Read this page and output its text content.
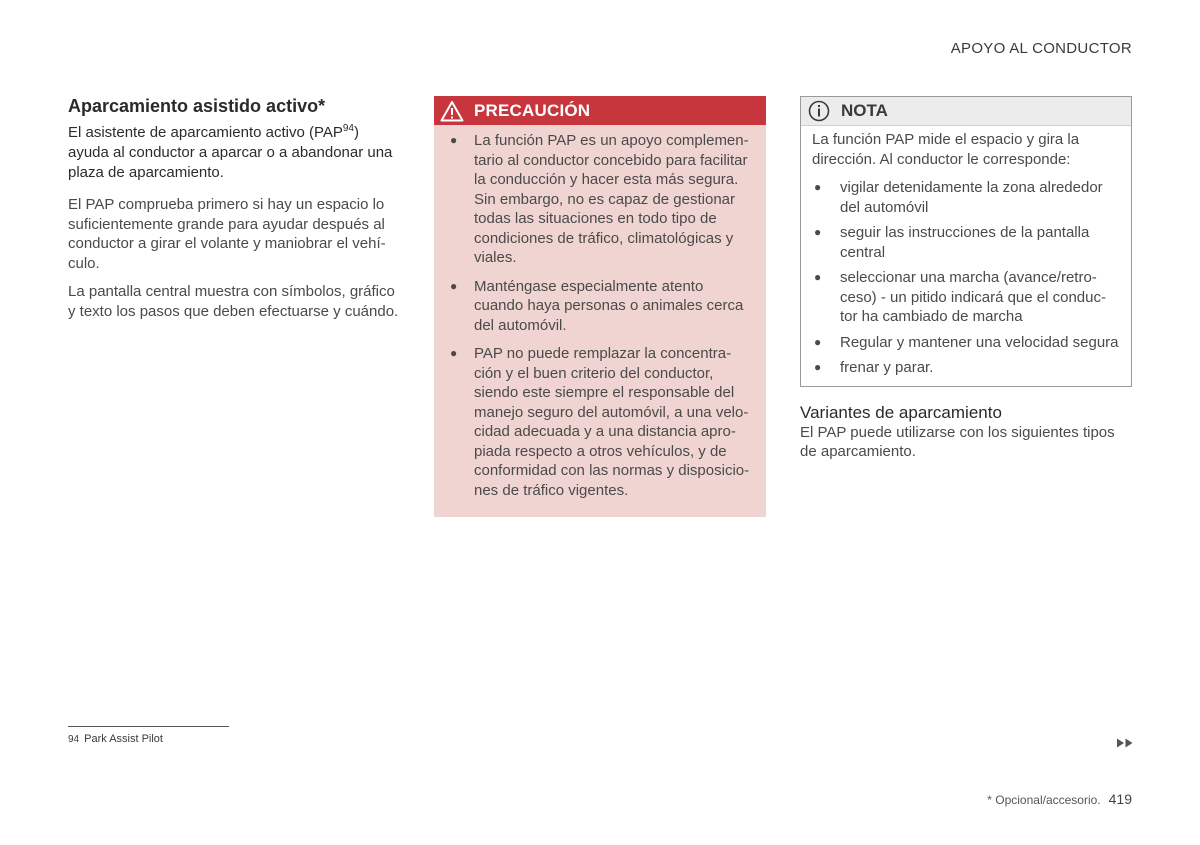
APOYO AL CONDUCTOR
Aparcamiento asistido activo*

El asistente de aparcamiento activo (PAP$^{94}$) ayuda al conductor a aparcar o a abandonar una plaza de aparcamiento.

El PAP comprueba primero si hay un espacio lo suficientemente grande para ayudar después al conductor a girar el volante y maniobrar el vehí-culo.

La pantalla central muestra con símbolos, gráfico y texto los pasos que deben efectuarse y cuándo.

PRECAUCIÓN
● La función PAP es un apoyo complemen-tario al conductor concebido para facilitar la conducción y hacer esta más segura. Sin embargo, no es capaz de gestionar todas las situaciones en todo tipo de condiciones de tráfico, climatológicas y viales.
● Manténgase especialmente atento cuando haya personas o animales cerca del automóvil.
● PAP no puede remplazar la concentra-ción y el buen criterio del conductor, siendo este siempre el responsable del manejo seguro del automóvil, a una velo-cidad adecuada y a una distancia apro-piada respecto a otros vehículos, y de conformidad con las normas y disposicio-nes de tráfico vigentes.
NOTA

La función PAP mide el espacio y gira la dirección. Al conductor le corresponde:

● vigilar detenidamente la zona alrededor del automóvil
● seguir las instrucciones de la pantalla central
● seleccionar una marcha (avance/retro-ceso) - un pitido indicará que el conduc-tor ha cambiado de marcha
● Regular y mantener una velocidad segura
● frenar y parar.
Variantes de aparcamiento

El PAP puede utilizarse con los siguientes tipos de aparcamiento.

94 Park Assist Pilot
* Opcional/accesorio. 419
